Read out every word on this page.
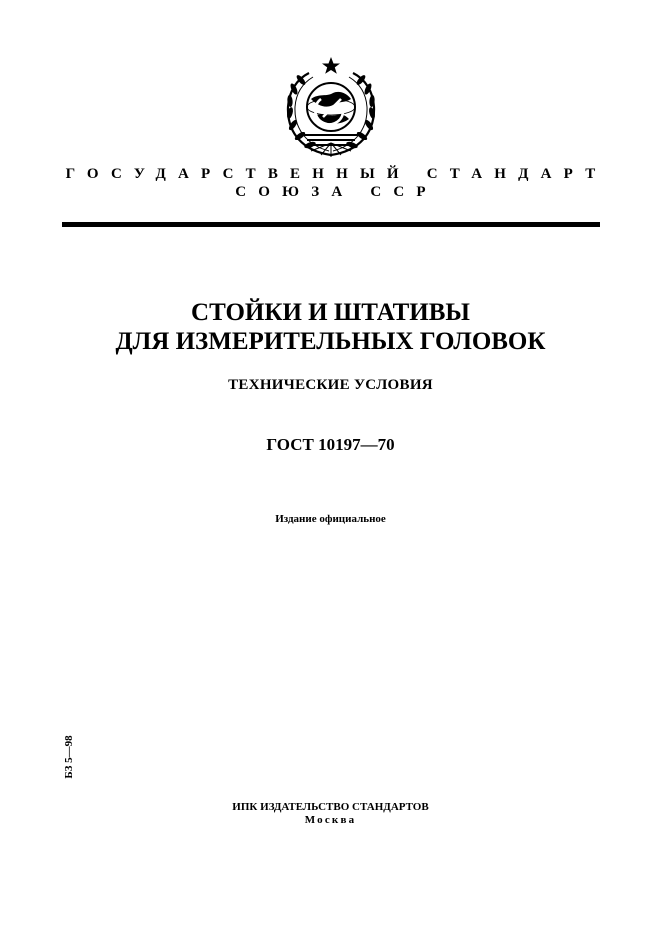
ГОСУДАРСТВЕННЫЙ СТАНДАРТ
СОЮЗА ССР
СТОЙКИ И ШТАТИВЫ
ДЛЯ ИЗМЕРИТЕЛЬНЫХ ГОЛОВОК
ТЕХНИЧЕСКИЕ УСЛОВИЯ
ГОСТ 10197—70
Издание официальное
БЗ 5—98
ИПК ИЗДАТЕЛЬСТВО СТАНДАРТОВ
Москва
